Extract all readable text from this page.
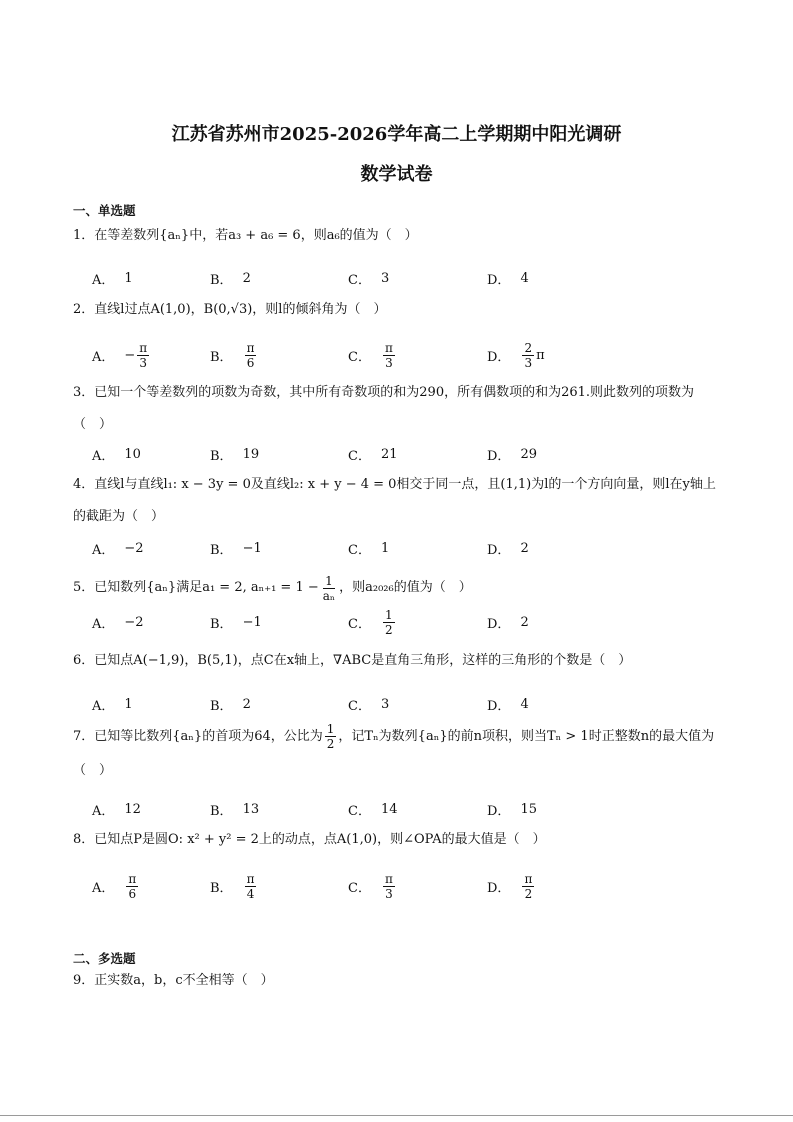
江苏省苏州市2025-2026学年高二上学期期中阳光调研
数学试卷
一、单选题
1．在等差数列{aₙ}中，若a₃ + a₆ = 6，则a₆的值为（　）
A． 1	B． 2	C． 3	D． 4
2．直线l过点A(1,0)，B(0,√3)，则l的倾斜角为（　）
A． − $\frac{\pi}{3}$	B． $\frac{\pi}{6}$	C． $\frac{\pi}{3}$	D． $\frac{2}{3}$ π
3．已知一个等差数列的项数为奇数，其中所有奇数项的和为290，所有偶数项的和为261.则此数列的项数为（　）
A． 10	B． 19	C． 21	D． 29
4．直线l与直线l₁: x − 3y = 0及直线l₂: x + y − 4 = 0相交于同一点，且(1,1)为l的一个方向向量，则l在y轴上的截距为（　）
A． −2	B． −1	C． 1	D． 2
5． 已知数列{aₙ}满足a₁ = 2, $a_{n+1} = 1 - \frac{1}{\text{aₙ}}$ ，则a₂₀₂₆的值为（　）
A． −2	B． −1	C． $\frac{1}{2}$	D． 2
6．已知点A(−1,9)，B(5,1)，点C在x轴上，∇ABC是直角三角形，这样的三角形的个数是（　）
A． 1	B． 2	C． 3	D． 4
7．已知等比数列{aₙ}的首项为64，公比为 $\frac{1}{2}$ ，记Tₙ为数列{aₙ}的前n项积，则当Tₙ > 1时正整数n的最大值为（　）
A． 12	B． 13	C． 14	D． 15
8．已知点P是圆O: x² + y² = 2上的动点，点A(1,0)，则∠OPA的最大值是（　）
A． $\frac{\pi}{6}$	B． $\frac{\pi}{4}$	C． $\frac{\pi}{3}$	D． $\frac{\pi}{2}$
二、多选题
9．正实数a，b，c不全相等（　）
